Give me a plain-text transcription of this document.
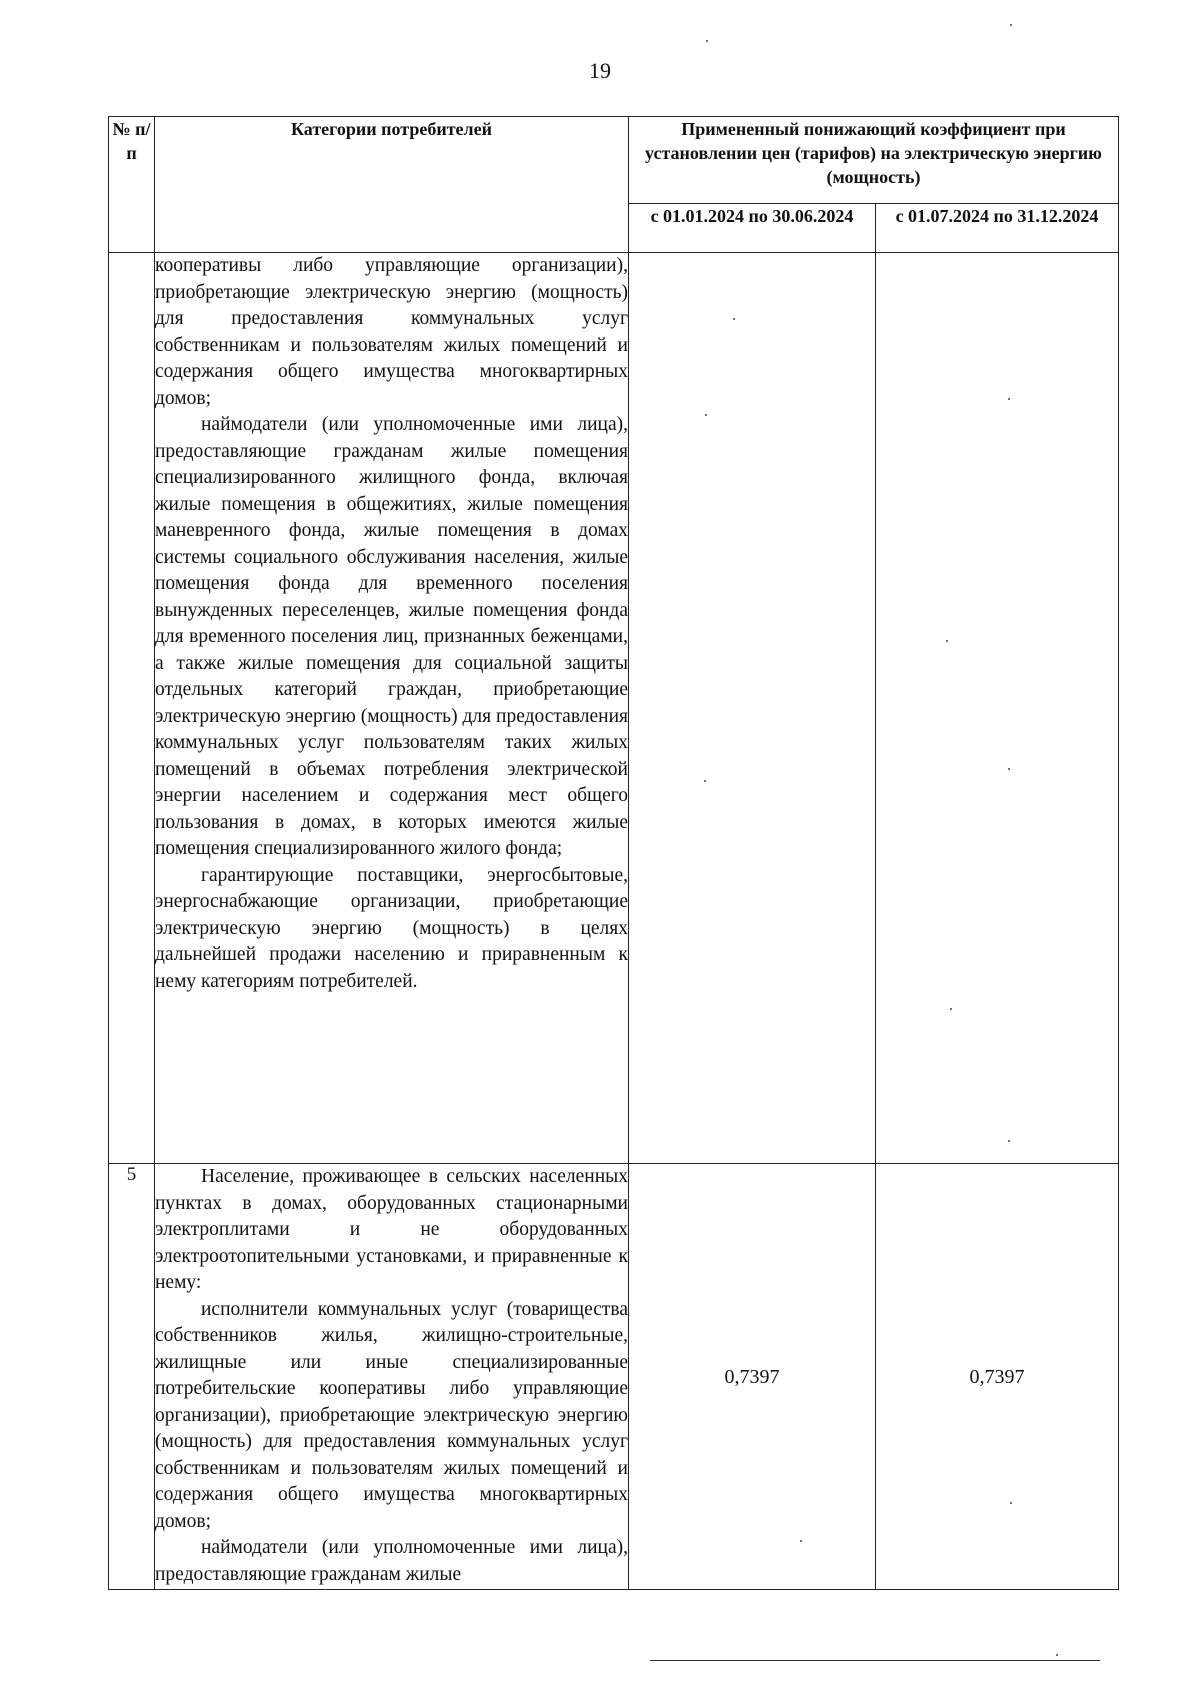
19
№ п/п	Категории потребителей	Примененный понижающий коэффициент при установлении цен (тарифов) на электрическую энергию (мощность)	
		с 01.01.2024 по 30.06.2024	с 01.07.2024 по 31.12.2024

	кооперативы либо управляющие организации), приобретающие электрическую энергию (мощность) для предоставления коммунальных услуг собственникам и пользователям жилых помещений и содержания общего имущества многоквартирных домов;

наймодатели (или уполномоченные ими лица), предоставляющие гражданам жилые помещения специализированного жилищного фонда, включая жилые помещения в общежитиях, жилые помещения маневренного фонда, жилые помещения в домах системы социального обслуживания населения, жилые помещения фонда для временного поселения вынужденных переселенцев, жилые помещения фонда для временного поселения лиц, признанных беженцами, а также жилые помещения для социальной защиты отдельных категорий граждан, приобретающие электрическую энергию (мощность) для предоставления коммунальных услуг пользователям таких жилых помещений в объемах потребления электрической энергии населением и содержания мест общего пользования в домах, в которых имеются жилые помещения специализированного жилого фонда;

гарантирующие поставщики, энергосбытовые, энергоснабжающие организации, приобретающие электрическую энергию (мощность) в целях дальнейшей продажи населению и приравненным к нему категориям потребителей.		

5	Население, проживающее в сельских населенных пунктах в домах, оборудованных стационарными электроплитами и не оборудованных электроотопительными установками, и приравненные к нему:

исполнители коммунальных услуг (товарищества собственников жилья, жилищно-строительные, жилищные или иные специализированные потребительские кооперативы либо управляющие организации), приобретающие электрическую энергию (мощность) для предоставления коммунальных услуг собственникам и пользователям жилых помещений и содержания общего имущества многоквартирных домов;

наймодатели (или уполномоченные ими лица), предоставляющие гражданам жилые	0,7397	0,7397
